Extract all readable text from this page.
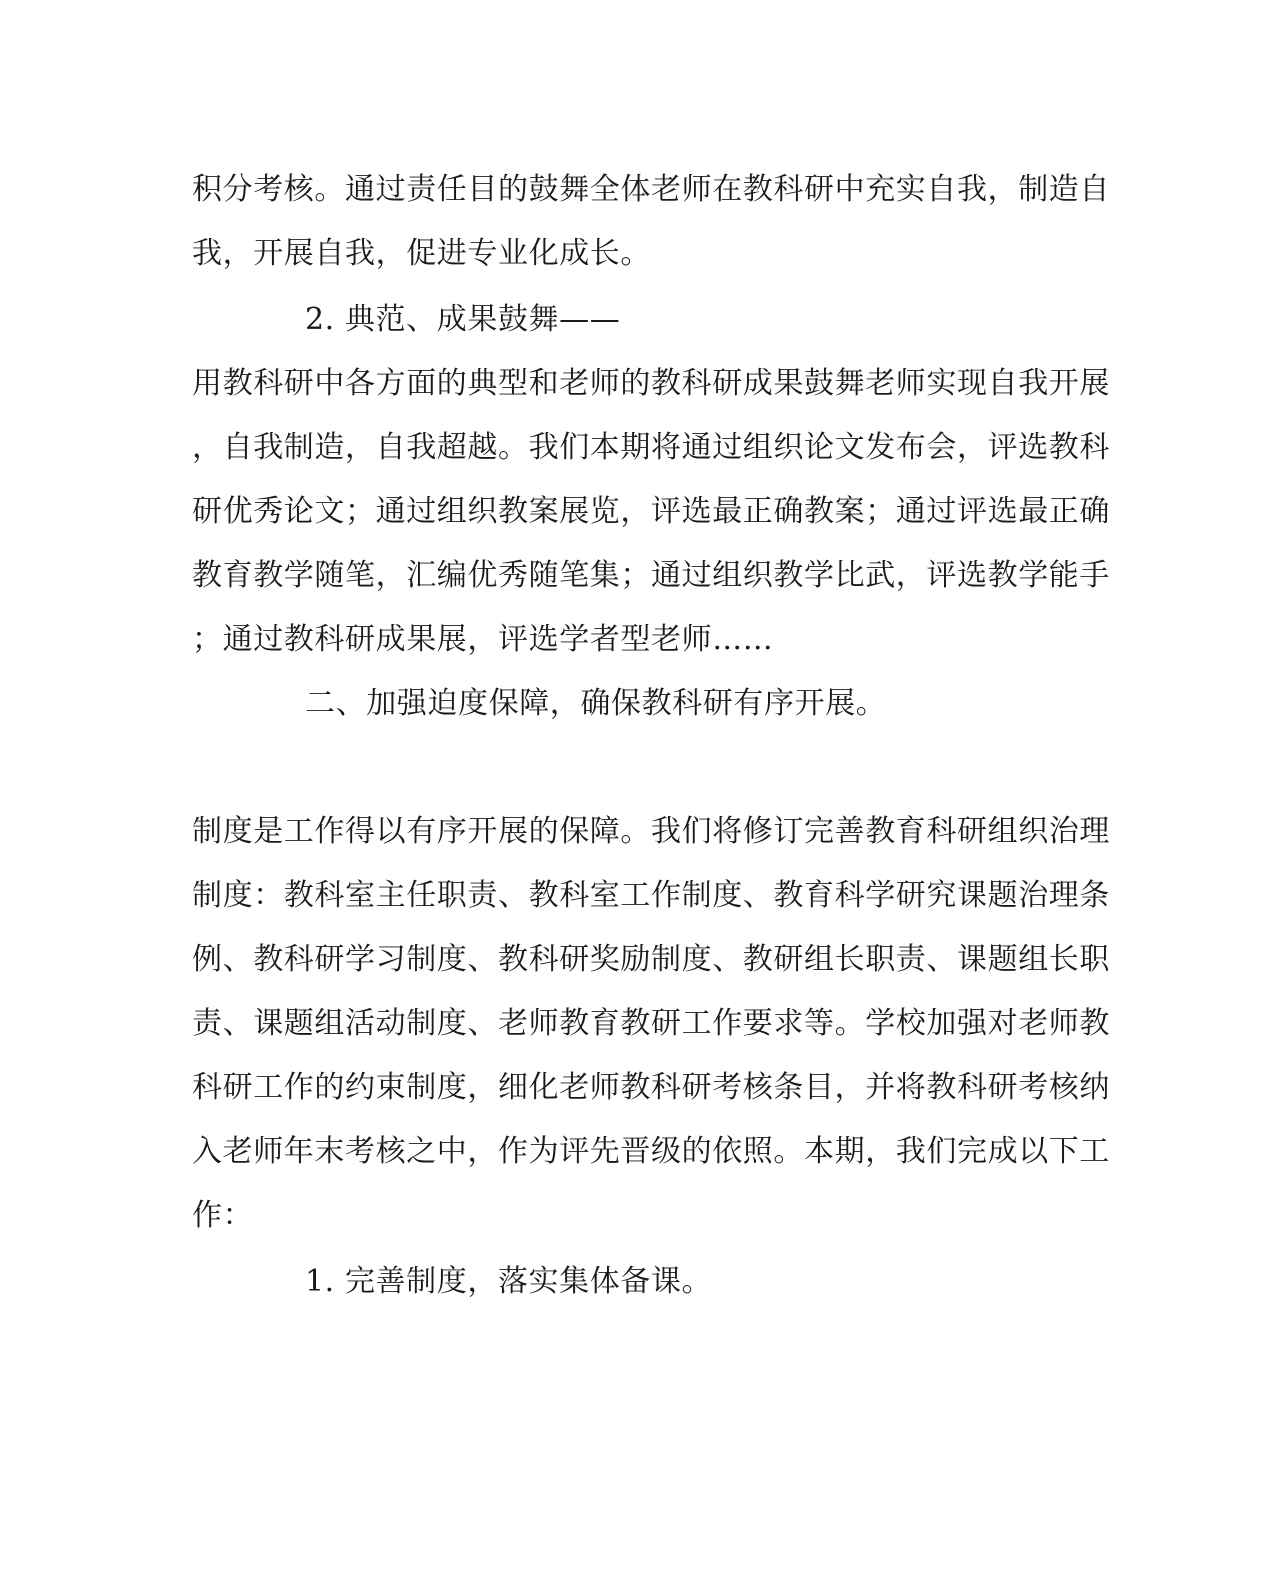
积分考核。通过责任目的鼓舞全体老师在教科研中充实自我，制造自
我，开展自我，促进专业化成长。
2. 典范、成果鼓舞——
用教科研中各方面的典型和老师的教科研成果鼓舞老师实现自我开展
，自我制造，自我超越。我们本期将通过组织论文发布会，评选教科
研优秀论文；通过组织教案展览，评选最正确教案；通过评选最正确
教育教学随笔，汇编优秀随笔集；通过组织教学比武，评选教学能手
；通过教科研成果展，评选学者型老师……
二、加强迫度保障，确保教科研有序开展。
制度是工作得以有序开展的保障。我们将修订完善教育科研组织治理
制度：教科室主任职责、教科室工作制度、教育科学研究课题治理条
例、教科研学习制度、教科研奖励制度、教研组长职责、课题组长职
责、课题组活动制度、老师教育教研工作要求等。学校加强对老师教
科研工作的约束制度，细化老师教科研考核条目，并将教科研考核纳
入老师年末考核之中，作为评先晋级的依照。本期，我们完成以下工
作：
1. 完善制度，落实集体备课。
